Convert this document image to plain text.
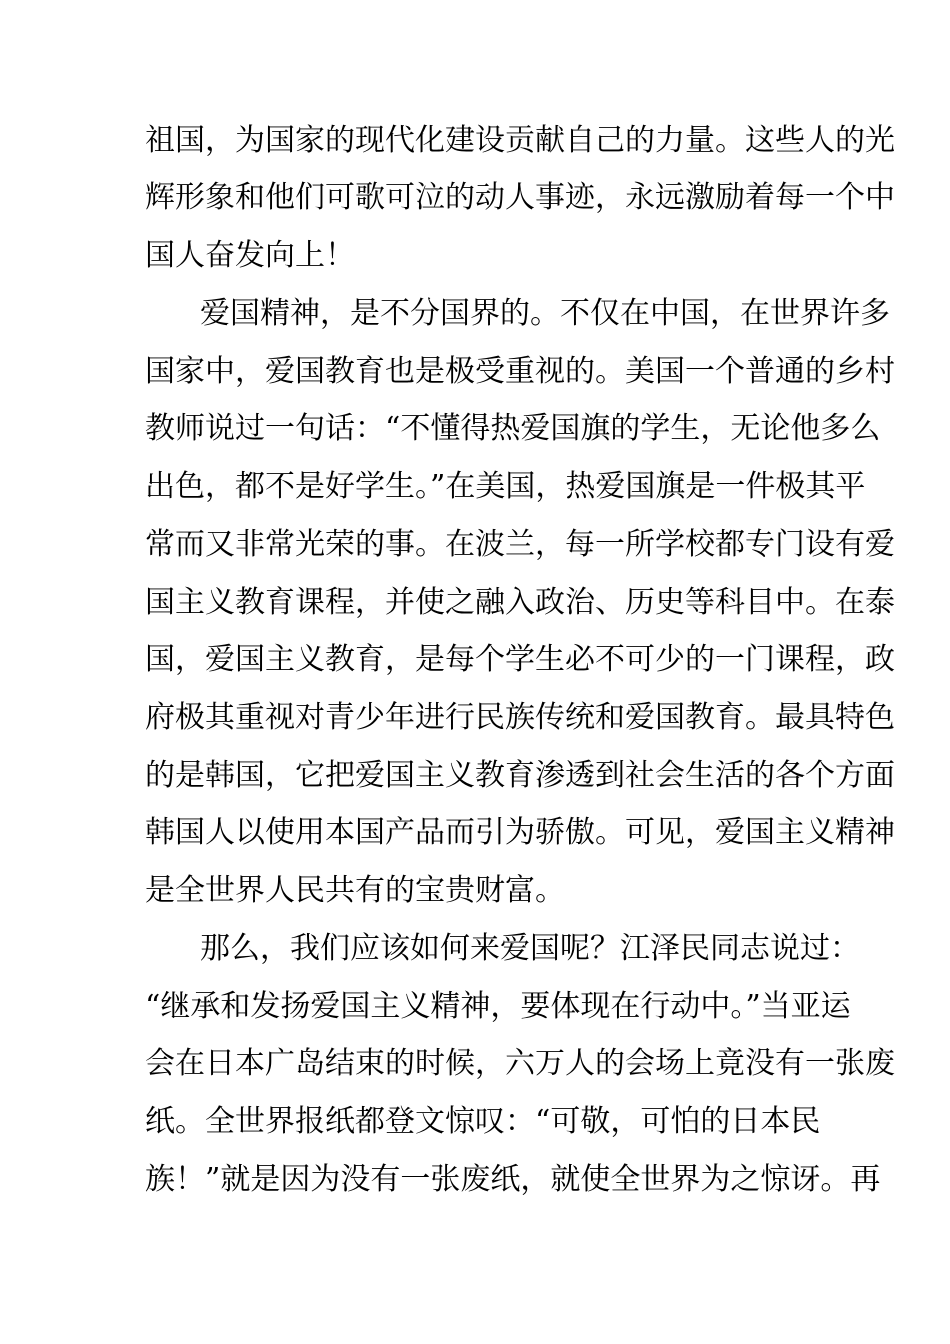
祖国，为国家的现代化建设贡献自己的力量。这些人的光

辉形象和他们可歌可泣的动人事迹，永远激励着每一个中

国人奋发向上！

爱国精神，是不分国界的。不仅在中国，在世界许多

国家中，爱国教育也是极受重视的。美国一个普通的乡村

教师说过一句话：“不懂得热爱国旗的学生，无论他多么

出色，都不是好学生。”在美国，热爱国旗是一件极其平

常而又非常光荣的事。在波兰，每一所学校都专门设有爱

国主义教育课程，并使之融入政治、历史等科目中。在泰

国，爱国主义教育，是每个学生必不可少的一门课程，政

府极其重视对青少年进行民族传统和爱国教育。最具特色

的是韩国，它把爱国主义教育渗透到社会生活的各个方面

韩国人以使用本国产品而引为骄傲。可见，爱国主义精神

是全世界人民共有的宝贵财富。

那么，我们应该如何来爱国呢？江泽民同志说过：

“继承和发扬爱国主义精神，要体现在行动中。”当亚运

会在日本广岛结束的时候，六万人的会场上竟没有一张废

纸。全世界报纸都登文惊叹：“可敬，可怕的日本民

族！”就是因为没有一张废纸，就使全世界为之惊讶。再
